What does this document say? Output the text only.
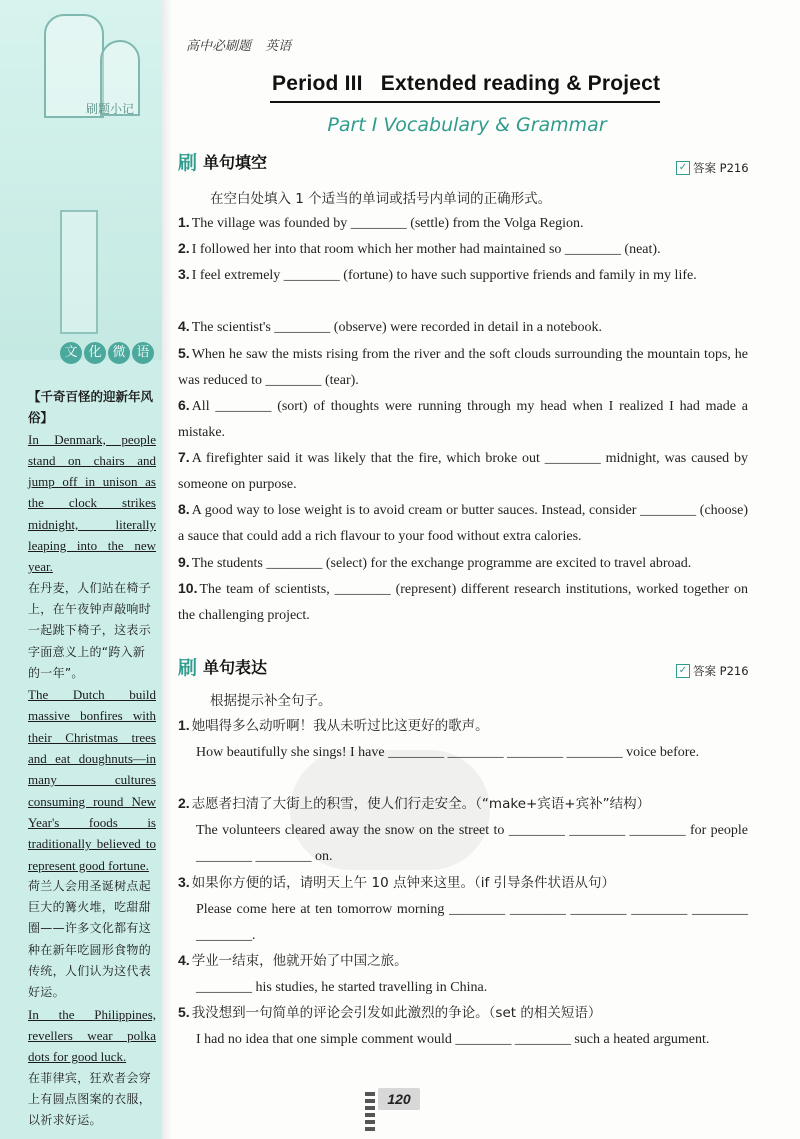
刷题小记
文 化 微 语
【千奇百怪的迎新年风俗】
In Denmark, people stand on chairs and jump off in unison as the clock strikes midnight, literally leaping into the new year.
在丹麦，人们站在椅子上，在午夜钟声敲响时一起跳下椅子，这表示字面意义上的“跨入新的一年”。
The Dutch build massive bonfires with their Christmas trees and eat doughnuts—in many cultures consuming round New Year's foods is traditionally believed to represent good fortune.
荷兰人会用圣诞树点起巨大的篝火堆，吃甜甜圈——许多文化都有这种在新年吃圆形食物的传统，人们认为这代表好运。
In the Philippines, revellers wear polka dots for good luck.
在菲律宾，狂欢者会穿上有圆点图案的衣服，以祈求好运。
高中必刷题 英语
Period III   Extended reading & Project
Part I Vocabulary & Grammar
刷 单句填空	✓ 答案 P216
在空白处填入 1 个适当的单词或括号内单词的正确形式。
1. The village was founded by ________ (settle) from the Volga Region.
2. I followed her into that room which her mother had maintained so ________ (neat).
3. I feel extremely ________ (fortune) to have such supportive friends and family in my life.
4. The scientist's ________ (observe) were recorded in detail in a notebook.
5. When he saw the mists rising from the river and the soft clouds surrounding the mountain tops, he was reduced to ________ (tear).
6. All ________ (sort) of thoughts were running through my head when I realized I had made a mistake.
7. A firefighter said it was likely that the fire, which broke out ________ midnight, was caused by someone on purpose.
8. A good way to lose weight is to avoid cream or butter sauces. Instead, consider ________ (choose) a sauce that could add a rich flavour to your food without extra calories.
9. The students ________ (select) for the exchange programme are excited to travel abroad.
10. The team of scientists, ________ (represent) different research institutions, worked together on the challenging project.
刷 单句表达	✓ 答案 P216
根据提示补全句子。
1. 她唱得多么动听啊！我从未听过比这更好的歌声。
How beautifully she sings! I have ________ ________ ________ ________ voice before.
2. 志愿者扫清了大街上的积雪，使人们行走安全。（“make+宾语+宾补”结构）
The volunteers cleared away the snow on the street to ________ ________ ________ for people ________ ________ on.
3. 如果你方便的话，请明天上午 10 点钟来这里。（if 引导条件状语从句）
Please come here at ten tomorrow morning ________ ________ ________ ________ ________ ________.
4. 学业一结束，他就开始了中国之旅。
________ his studies, he started travelling in China.
5. 我没想到一句简单的评论会引发如此激烈的争论。（set 的相关短语）
I had no idea that one simple comment would ________ ________ such a heated argument.
120
